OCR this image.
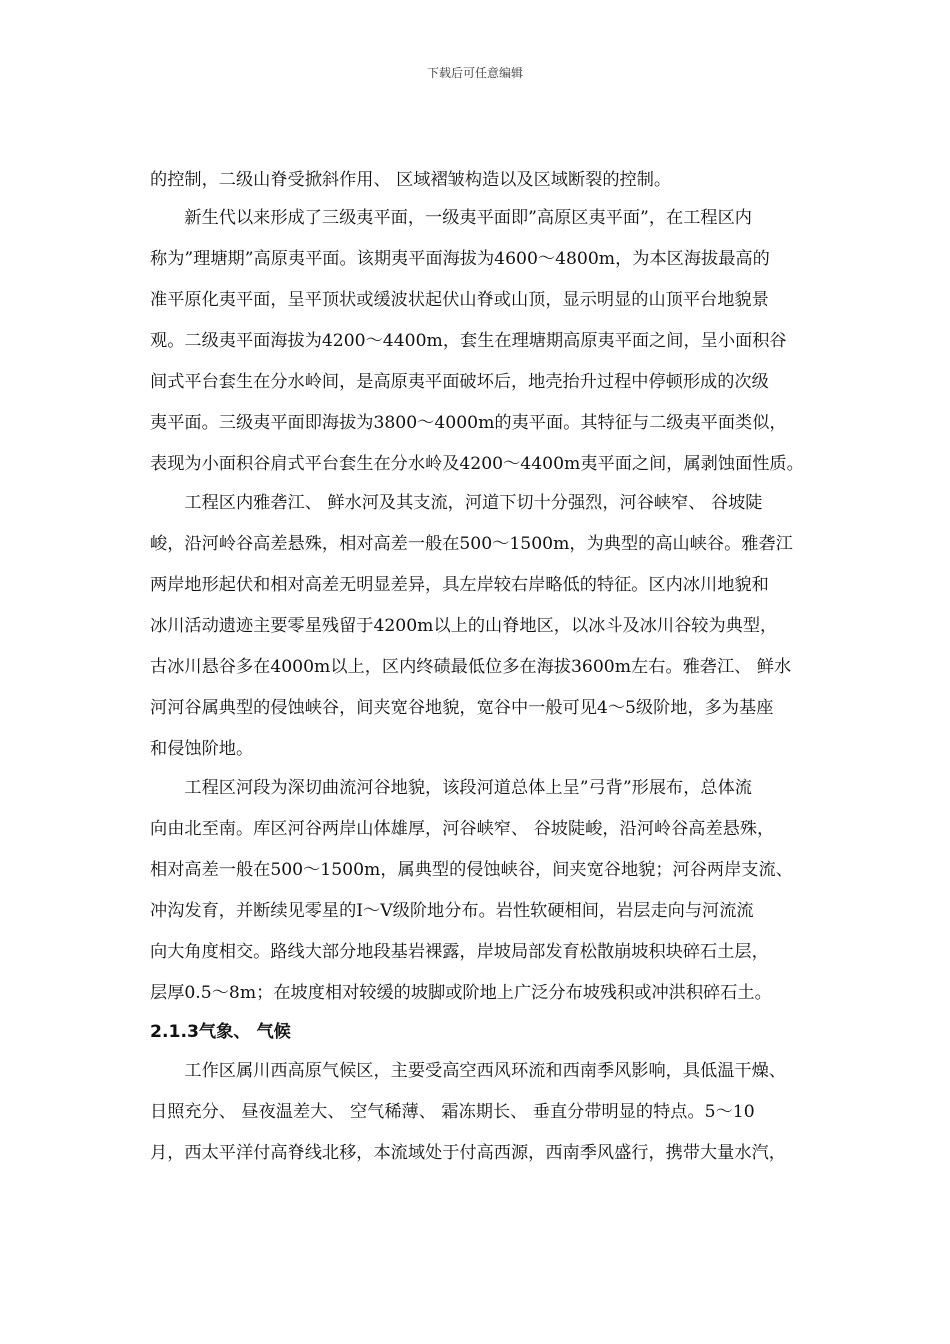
下载后可任意编辑
的控制，二级山脊受掀斜作用、 区域褶皱构造以及区域断裂的控制。
　　新生代以来形成了三级夷平面，一级夷平面即”高原区夷平面”，在工程区内
称为”理塘期”高原夷平面。该期夷平面海拔为4600～4800m，为本区海拔最高的
准平原化夷平面，呈平顶状或缓波状起伏山脊或山顶，显示明显的山顶平台地貌景
观。二级夷平面海拔为4200～4400m，套生在理塘期高原夷平面之间，呈小面积谷
间式平台套生在分水岭间，是高原夷平面破坏后，地壳抬升过程中停顿形成的次级
夷平面。三级夷平面即海拔为3800～4000m的夷平面。其特征与二级夷平面类似，
表现为小面积谷肩式平台套生在分水岭及4200～4400m夷平面之间，属剥蚀面性质。
　　工程区内雅砻江、 鲜水河及其支流，河道下切十分强烈，河谷峡窄、 谷坡陡
峻，沿河岭谷高差悬殊，相对高差一般在500～1500m，为典型的高山峡谷。雅砻江
两岸地形起伏和相对高差无明显差异，具左岸较右岸略低的特征。区内冰川地貌和
冰川活动遗迹主要零星残留于4200m以上的山脊地区，以冰斗及冰川谷较为典型，
古冰川悬谷多在4000m以上，区内终碛最低位多在海拔3600m左右。雅砻江、 鲜水
河河谷属典型的侵蚀峡谷，间夹宽谷地貌，宽谷中一般可见4～5级阶地，多为基座
和侵蚀阶地。
　　工程区河段为深切曲流河谷地貌，该段河道总体上呈”弓背”形展布，总体流
向由北至南。库区河谷两岸山体雄厚，河谷峡窄、 谷坡陡峻，沿河岭谷高差悬殊，
相对高差一般在500～1500m，属典型的侵蚀峡谷，间夹宽谷地貌；河谷两岸支流、
冲沟发育，并断续见零星的Ⅰ～Ⅴ级阶地分布。岩性软硬相间，岩层走向与河流流
向大角度相交。路线大部分地段基岩裸露，岸坡局部发育松散崩坡积块碎石土层，
层厚0.5～8m；在坡度相对较缓的坡脚或阶地上广泛分布坡残积或冲洪积碎石土。
2.1.3气象、 气候
　　工作区属川西高原气候区，主要受高空西风环流和西南季风影响，具低温干燥、
日照充分、 昼夜温差大、 空气稀薄、 霜冻期长、 垂直分带明显的特点。5～10
月，西太平洋付高脊线北移，本流域处于付高西源，西南季风盛行，携带大量水汽，
